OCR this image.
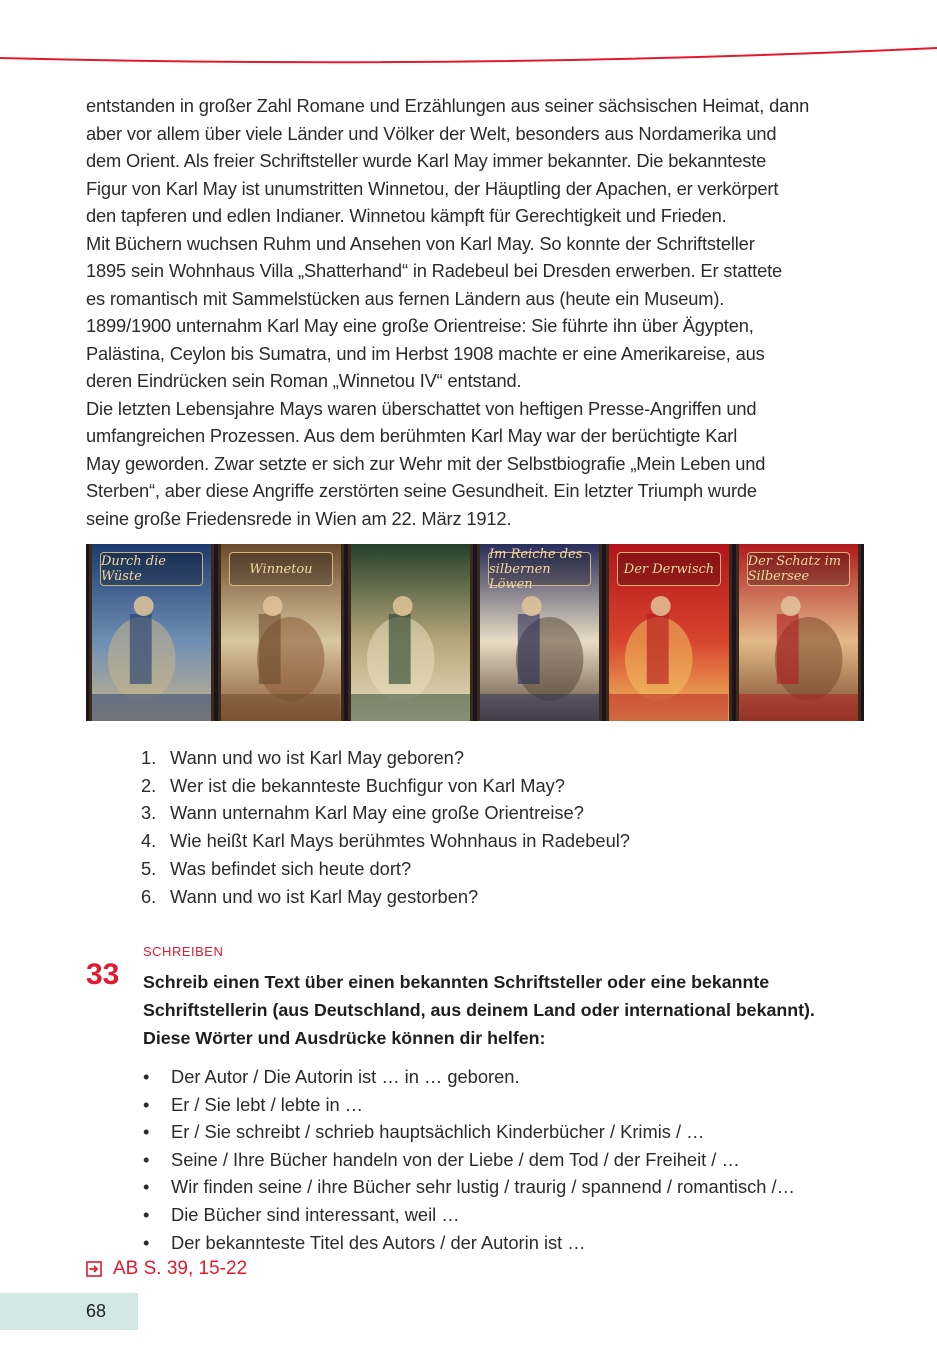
entstanden in großer Zahl Romane und Erzählungen aus seiner sächsischen Heimat, dann
aber vor allem über viele Länder und Völker der Welt, besonders aus Nordamerika und
dem Orient. Als freier Schriftsteller wurde Karl May immer bekannter. Die bekannteste
Figur von Karl May ist unumstritten Winnetou, der Häuptling der Apachen, er verkörpert
den tapferen und edlen Indianer. Winnetou kämpft für Gerechtigkeit und Frieden.

Mit Büchern wuchsen Ruhm und Ansehen von Karl May. So konnte der Schriftsteller
1895 sein Wohnhaus Villa „Shatterhand“ in Radebeul bei Dresden erwerben. Er stattete
es romantisch mit Sammelstücken aus fernen Ländern aus (heute ein Museum).
1899/1900 unternahm Karl May eine große Orientreise: Sie führte ihn über Ägypten,
Palästina, Ceylon bis Sumatra, und im Herbst 1908 machte er eine Amerikareise, aus
deren Eindrücken sein Roman „Winnetou IV“ entstand.

Die letzten Lebensjahre Mays waren überschattet von heftigen Presse-Angriffen und
umfangreichen Prozessen. Aus dem berühmten Karl May war der berüchtigte Karl
May geworden. Zwar setzte er sich zur Wehr mit der Selbstbiografie „Mein Leben und
Sterben“, aber diese Angriffe zerstörten seine Gesundheit. Ein letzter Triumph wurde
seine große Friedensrede in Wien am 22. März 1912.

Durch die Wüste	Winnetou
Im Reiche des silbernen Löwen
Der Derwisch	Der Schatz im Silbersee
1. Wann und wo ist Karl May geboren?
2. Wer ist die bekannteste Buchfigur von Karl May?
3. Wann unternahm Karl May eine große Orientreise?
4. Wie heißt Karl Mays berühmtes Wohnhaus in Radebeul?
5. Was befindet sich heute dort?
6. Wann und wo ist Karl May gestorben?
SCHREIBEN
33 Schreib einen Text über einen bekannten Schriftsteller oder eine bekannte
Schriftstellerin (aus Deutschland, aus deinem Land oder international bekannt).
Diese Wörter und Ausdrücke können dir helfen:
•	Der Autor / Die Autorin ist … in … geboren.
•	Er / Sie lebt / lebte in …
•	Er / Sie schreibt / schrieb hauptsächlich Kinderbücher / Krimis / …
•	Seine / Ihre Bücher handeln von der Liebe / dem Tod / der Freiheit / …
•	Wir finden seine / ihre Bücher sehr lustig / traurig / spannend / romantisch /…
•	Die Bücher sind interessant, weil …
•	Der bekannteste Titel des Autors / der Autorin ist …
AB S. 39, 15-22
68
